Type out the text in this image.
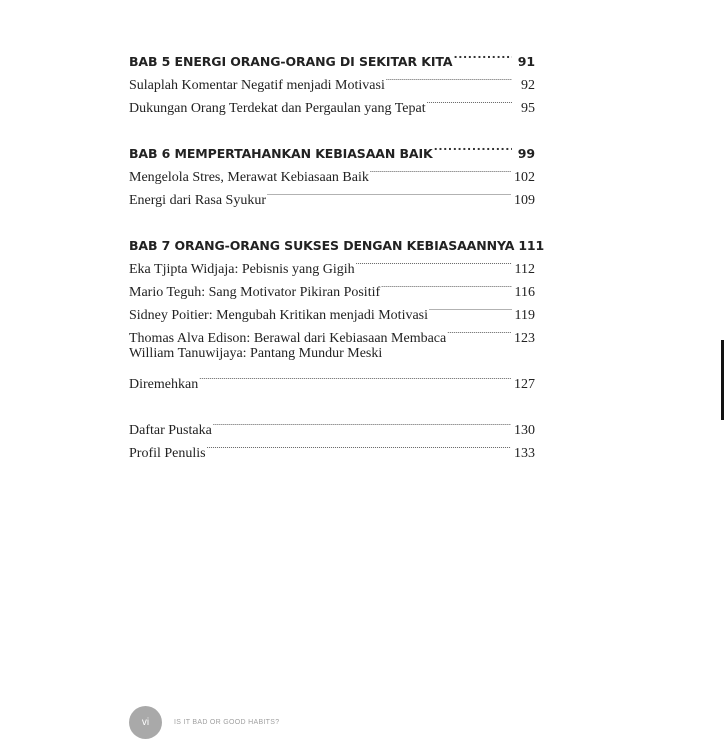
BAB 5 ENERGI ORANG-ORANG DI SEKITAR KITA .....	91
Sulaplah Komentar Negatif menjadi Motivasi .....	92
Dukungan Orang Terdekat dan Pergaulan yang Tepat .....	95
BAB 6 MEMPERTAHANKAN KEBIASAAN BAIK .....	99
Mengelola Stres, Merawat Kebiasaan Baik .....	102
Energi dari Rasa Syukur .....	109
BAB 7 ORANG-ORANG SUKSES DENGAN KEBIASAANNYA 111
Eka Tjipta Widjaja: Pebisnis yang Gigih .....	112
Mario Teguh: Sang Motivator Pikiran Positif .....	116
Sidney Poitier: Mengubah Kritikan menjadi Motivasi .....	119
Thomas Alva Edison: Berawal dari Kebiasaan Membaca .....	123
William Tanuwijaya: Pantang Mundur Meski
Diremehkan .....	127
Daftar Pustaka .....	130
Profil Penulis .....	133
vi	IS IT BAD OR GOOD HABITS?
